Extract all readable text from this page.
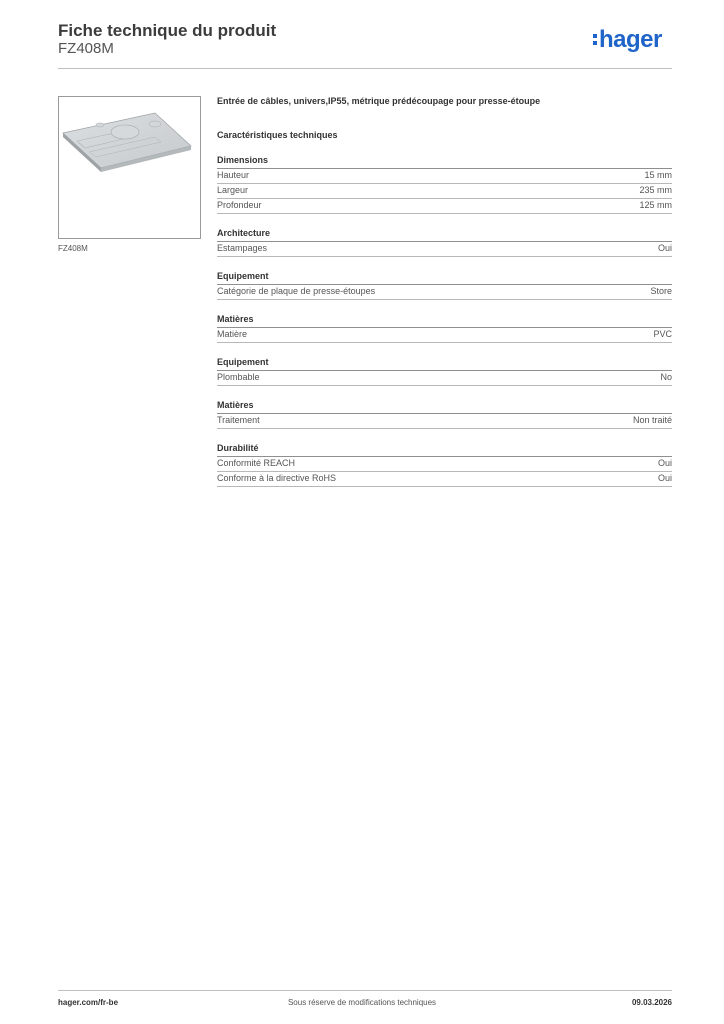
Fiche technique du produit
FZ408M	hager
FZ408M
Entrée de câbles, univers,IP55, métrique prédécoupage pour presse-étoupe
Caractéristiques techniques
Dimensions
Hauteur	15 mm
Largeur	235 mm
Profondeur	125 mm
Architecture
Estampages	Oui
Equipement
Catégorie de plaque de presse-étoupes	Store
Matières
Matière	PVC
Equipement
Plombable	No
Matières
Traitement	Non traité
Durabilité
Conformité REACH	Oui
Conforme à la directive RoHS	Oui
hager.com/fr-be	Sous réserve de modifications techniques	09.03.2026
